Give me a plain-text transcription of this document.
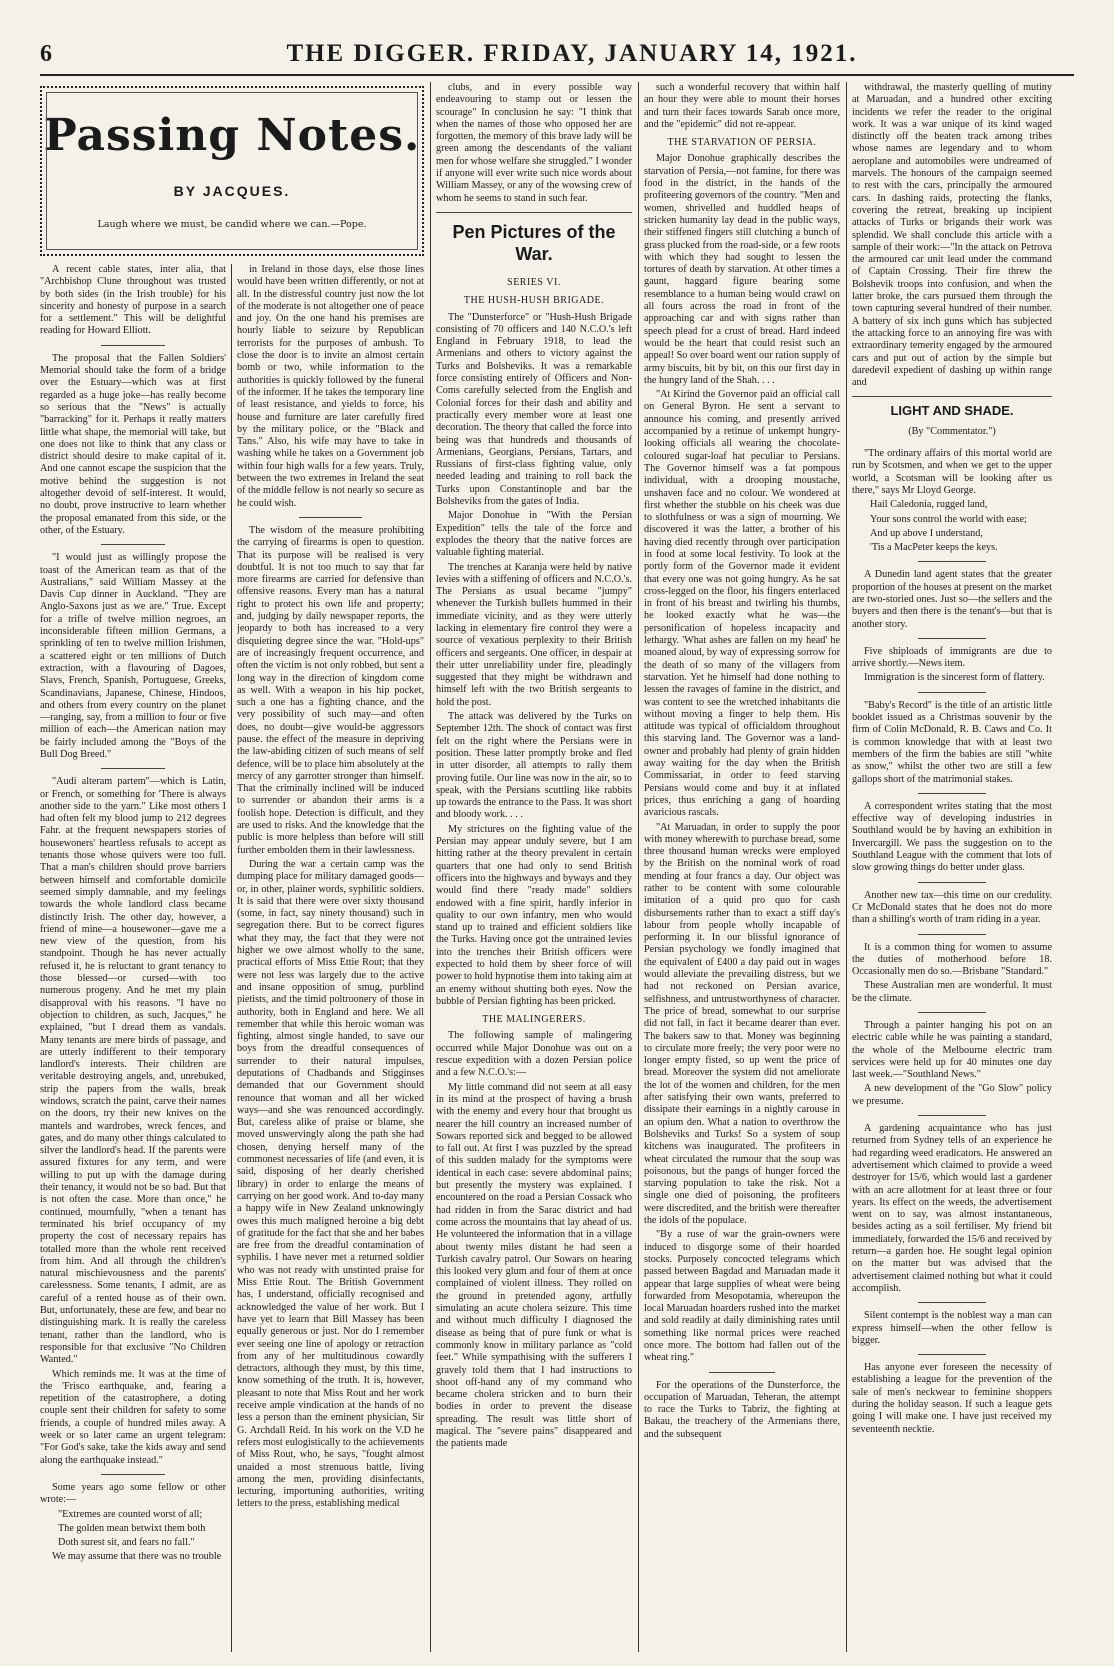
6	THE DIGGER. FRIDAY, JANUARY 14, 1921.
Passing Notes.
BY JACQUES.
Laugh where we must, be candid where we can.—Pope.

A recent cable states, inter alia, that "Archbishop Clune throughout was trusted by both sides (in the Irish trouble) for his sincerity and honesty of purpose in a search for a settlement." This will be delightful reading for Howard Elliott.

The proposal that the Fallen Soldiers' Memorial should take the form of a bridge over the Estuary—which was at first regarded as a huge joke—has really become so serious that the "News" is actually "barracking" for it. Perhaps it really matters little what shape, the memorial will take, but one does not like to think that any class or district should desire to make capital of it. And one cannot escape the suspicion that the motive behind the suggestion is not altogether devoid of self-interest. It would, no doubt, prove instructive to learn whether the proposal emanated from this side, or the other, of the Estuary.

"I would just as willingly propose the toast of the American team as that of the Australians," said William Massey at the Davis Cup dinner in Auckland. "They are Anglo-Saxons just as we are." True. Except for a trifle of twelve million negroes, an inconsiderable fifteen million Germans, a sprinkling of ten to twelve million Irishmen, a scattered eight or ten millions of Dutch extraction, with a flavouring of Dagoes, Slavs, French, Spanish, Portuguese, Greeks, Scandinavians, Japanese, Chinese, Hindoos, and others from every country on the planet—ranging, say, from a million to four or five million of each—the American nation may be fairly included among the "Boys of the Bull Dog Breed."

"Audi alteram partem"—which is Latin, or French, or something for 'There is always another side to the yarn." Like most others I had often felt my blood jump to 212 degrees Fahr. at the frequent newspapers stories of housewoners' heartless refusals to accept as tenants those whose quivers were too full. That a man's children should prove barriers between himself and comfortable domicile seemed simply damnable, and my feelings towards the whole landlord class became distinctly Irish. The other day, however, a friend of mine—a housewoner—gave me a new view of the question, from his standpoint. Though he has never actually refused it, he is reluctant to grant tenancy to those blessed—or cursed—with too numerous progeny. And he met my plain disapproval with his reasons. "I have no objection to children, as such, Jacques," he explained, "but I dread them as vandals. Many tenants are mere birds of passage, and are utterly indifferent to their temporary landlord's interests. Their children are veritable destroying angels, and, unrebuked, strip the papers from the walls, break windows, scratch the paint, carve their names on the doors, try their new knives on the mantels and wardrobes, wreck fences, and gates, and do many other things calculated to silver the landlord's head. If the parents were assured fixtures for any term, and were willing to put up with the damage during their tenancy, it would not be so bad. But that is not often the case. More than once," he continued, mournfully, "when a tenant has terminated his brief occupancy of my property the cost of necessary repairs has totalled more than the whole rent received from him. And all through the children's natural mischievousness and the parents' carelessness. Some tenants, I admit, are as careful of a rented house as of their own. But, unfortunately, these are few, and bear no distinguishing mark. It is really the careless tenant, rather than the landlord, who is responsible for that exclusive "No Children Wanted."

Which reminds me. It was at the time of the 'Frisco earthquake, and, fearing a repetition of the catastrophere, a doting couple sent their children for safety to some friends, a couple of hundred miles away. A week or so later came an urgent telegram: "For God's sake, take the kids away and send along the earthquake instead."

Some years ago some fellow or other wrote:—

"Extremes are counted worst of all;

The golden mean betwixt them both

Doth surest sit, and fears no fall."

We may assume that there was no trouble

in Ireland in those days, else those lines would have been written differently, or not at all. In the distressful country just now the lot of the moderate is not altogether one of peace and joy. On the one hand his premises are hourly liable to seizure by Republican terrorists for the purposes of ambush. To close the door is to invite an almost certain bomb or two, while information to the authorities is quickly followed by the funeral of the informer. If he takes the temporary line of least resistance, and yields to force, his house and furniture are later carefully fired by the military police, or the "Black and Tans." Also, his wife may have to take in washing while he takes on a Government job within four high walls for a few years. Truly, between the two extremes in Ireland the seat of the middle fellow is not nearly so secure as he could wish.

The wisdom of the measure prohibiting the carrying of firearms is open to question. That its purpose will be realised is very doubtful. It is not too much to say that far more firearms are carried for defensive than offensive reasons. Every man has a natural right to protect his own life and property; and, judging by daily newspaper reports, the jeopardy to both has increased to a very disquieting degree since the war. "Hold-ups" are of increasingly frequent occurrence, and often the victim is not only robbed, but sent a long way in the direction of kingdom come as well. With a weapon in his hip pocket, such a one has a fighting chance, and the very possibility of such may—and often does, no doubt—give would-be aggressors pause. the effect of the measure in depriving the law-abiding citizen of such means of self defence, will be to place him absolutely at the mercy of any garrotter stronger than himself. That the criminally inclined will be induced to surrender or abandon their arms is a foolish hope. Detection is difficult, and they are used to risks. And the knowledge that the public is more helpless than before will still further embolden them in their lawlessness.

During the war a certain camp was the dumping place for military damaged goods—or, in other, plainer words, syphilitic soldiers. It is said that there were over sixty thousand (some, in fact, say ninety thousand) such in segregation there. But to be correct figures what they may, the fact that they were not higher we owe almost wholly to the sane, practical efforts of Miss Ettie Rout; that they were not less was largely due to the active and insane opposition of smug, purblind pietists, and the timid poltroonery of those in authority, both in England and here. We all remember that while this heroic woman was fighting, almost single handed, to save our boys from the dreadful consequences of surrender to their natural impulses, deputations of Chadbands and Stigginses demanded that our Government should renounce that woman and all her wicked ways—and she was renounced accordingly. But, careless alike of praise or blame, she moved unswervingly along the path she had chosen, denying herself many of the commonest necessaries of life (and even, it is said, disposing of her dearly cherished library) in order to enlarge the means of carrying on her good work. And to-day many a happy wife in New Zealand unknowingly owes this much maligned heroine a big debt of gratitude for the fact that she and her babes are free from the dreadful contamination of syphilis. I have never met a returned soldier who was not ready with unstinted praise for Miss Ettie Rout. The British Government has, I understand, officially recognised and acknowledged the value of her work. But I have yet to learn that Bill Massey has been equally generous or just. Nor do I remember ever seeing one line of apology or retraction from any of her multitudinous cowardly detractors, although they must, by this time, know something of the truth. It is, however, pleasant to note that Miss Rout and her work receive ample vindication at the hands of no less a person than the eminent physician, Sir G. Archdall Reid. In his work on the V.D he refers most eulogistically to the achievements of Miss Rout, who, he says, "fought almost unaided a most strenuous battle, living among the men, providing disinfectants, lecturing, importuning authorities, writing letters to the press, establishing medical

clubs, and in every possible way endeavouring to stamp out or lessen the scourage" In conclusion he say: "I think that when the names of those who opposed her are forgotten, the memory of this brave lady will be green among the descendants of the valiant men for whose welfare she struggled." I wonder if anyone will ever write such nice words about William Massey, or any of the wowsing crew of whom he seems to stand in such fear.

Pen Pictures of the War.
SERIES VI.
THE HUSH-HUSH BRIGADE.

The "Dunsterforce" or "Hush-Hush Brigade consisting of 70 officers and 140 N.C.O.'s left England in February 1918, to lead the Armenians and others to victory against the Turks and Bolsheviks. It was a remarkable force consisting entirely of Officers and Non-Coms carefully selected from the English and Colonial forces for their dash and ability and practically every member wore at least one decoration. The theory that called the force into being was that hundreds and thousands of Armenians, Georgians, Persians, Tartars, and Russians of first-class fighting value, only needed leading and training to roll back the Turks upon Constantinople and bar the Bolsheviks from the gates of India.

Major Donohue in "With the Persian Expedition" tells the tale of the force and explodes the theory that the native forces are valuable fighting material.

The trenches at Karanja were held by native levies with a stiffening of officers and N.C.O.'s. The Persians as usual became "jumpy" whenever the Turkish bullets hummed in their immediate vicinity, and as they were utterly lacking in elementary fire control they were a source of vexatious perplexity to their British officers and sergeants. One officer, in despair at their utter unreliability under fire, pleadingly suggested that they might be withdrawn and himself left with the two British sergeants to hold the post.

The attack was delivered by the Turks on September 12th. The shock of contact was first felt on the right where the Persians were in position. These latter promptly broke and fled in utter disorder, all attempts to rally them proving futile. Our line was now in the air, so to speak, with the Persians scuttling like rabbits up towards the entrance to the Pass. It was short and bloody work. . . .

My strictures on the fighting value of the Persian may appear unduly severe, but I am hitting rather at the theory prevalent in certain quarters that one had only to send British officers into the highways and byways and they would find there "ready made" soldiers endowed with a fine spirit, hardly inferior in quality to our own infantry, men who would stand up to trained and efficient soldiers like the Turks. Having once got the untrained levies into the trenches their British officers were expected to hold them by sheer force of will power to hold hypnotise them into taking aim at an enemy without shutting both eyes. Now the bubble of Persian fighting has been pricked.

THE MALINGERERS.

The following sample of malingering occurred while Major Donohue was out on a rescue expedition with a dozen Persian police and a few N.C.O.'s:—

My little command did not seem at all easy in its mind at the prospect of having a brush with the enemy and every hour that brought us nearer the hill country an increased number of Sowars reported sick and begged to be allowed to fall out. At first I was puzzled by the spread of this sudden malady for the symptoms were identical in each case: severe abdominal pains; but presently the mystery was explained. I encountered on the road a Persian Cossack who had ridden in from the Sarac district and had come across the mountains that lay ahead of us. He volunteered the information that in a village about twenty miles distant he had seen a Turkish cavalry patrol. Our Sowars on hearing this looked very glum and four of them at once complained of violent illness. They rolled on the ground in pretended agony, artfully simulating an acute cholera seizure. This time and without much difficulty I diagnosed the disease as being that of pure funk or what is commonly know in military parlance as "cold feet." While sympathising with the sufferers I gravely told them that I had instructions to shoot off-hand any of my command who became cholera stricken and to burn their bodies in order to prevent the disease spreading. The result was little short of magical. The "severe pains" disappeared and the patients made

such a wonderful recovery that within half an hour they were able to mount their horses and turn their faces towards Sarab once more, and the "epidemic" did not re-appear.

THE STARVATION OF PERSIA.

Major Donohue graphically describes the starvation of Persia,—not famine, for there was food in the district, in the hands of the profiteering governors of the country. "Men and women, shrivelled and huddled heaps of stricken humanity lay dead in the public ways, their stiffened fingers still clutching a bunch of grass plucked from the road-side, or a few roots with which they had sought to lessen the tortures of death by starvation. At other times a gaunt, haggard figure bearing some resemblance to a human being would crawl on all fours across the road in front of the approaching car and with signs rather than speech plead for a crust of bread. Hard indeed would be the heart that could resist such an appeal! So over board went our ration supply of army biscuits, bit by bit, on this our first day in the hungry land of the Shah. . . .

"At Kirind the Governor paid an official call on General Byron. He sent a servant to announce his coming, and presently arrived accompanied by a retinue of unkempt hungry-looking officials all wearing the chocolate-coloured sugar-loaf hat peculiar to Persians. The Governor himself was a fat pompous individual, with a drooping moustache, unshaven face and no colour. We wondered at first whether the stubble on his cheek was due to slothfulness or was a sign of mourning. We discovered it was the latter, a brother of his having died recently through over participation in food at some local festivity. To look at the portly form of the Governor made it evident that every one was not going hungry. As he sat cross-legged on the floor, his fingers enterlaced in front of his breast and twirling his thumbs, he looked exactly what he was—the personification of hopeless incapacity and lethargy. 'What ashes are fallen on my head' he moaned aloud, by way of expressing sorrow for the death of so many of the villagers from starvation. Yet he himself had done nothing to lessen the ravages of famine in the district, and was content to see the wretched inhabitants die without moving a finger to help them. His attitude was typical of officialdom throughout this starving land. The Governor was a land-owner and probably had plenty of grain hidden away waiting for the day when the British Commissariat, in order to feed starving Persians would come and buy it at inflated prices, thus enriching a gang of hoarding avaricious rascals.

"At Maruadan, in order to supply the poor with money wherewith to purchase bread, some three thousand human wrecks were employed by the British on the nominal work of road mending at four francs a day. Our object was rather to be content with some colourable imitation of a quid pro quo for cash disbursements rather than to exact a stiff day's labour from people wholly incapable of performing it. In our blissful ignorance of Persian psychology we fondly imagined that the equivalent of £400 a day paid out in wages would alleviate the prevailing distress, but we had not reckoned on Persian avarice, selfishness, and untrustworthyness of character. The price of bread, somewhat to our surprise did not fall, in fact it became dearer than ever. The bakers saw to that. Money was beginning to circulate more freely; the very poor were no longer empty fisted, so up went the price of bread. Moreover the system did not ameliorate the lot of the women and children, for the men after satisfying their own wants, preferred to dissipate their earnings in a nightly carouse in an opium den. What a nation to overthrow the Bolsheviks and Turks! So a system of soup kitchens was inaugurated. The profiteers in wheat circulated the rumour that the soup was poisonous, but the pangs of hunger forced the starving population to take the risk. Not a single one died of poisoning, the profiteers were discredited, and the british were thereafter the idols of the populace.

"By a ruse of war the grain-owners were induced to disgorge some of their hoarded stocks. Purposely concocted telegrams which passed between Bagdad and Maruadan made it appear that large supplies of wheat were being forwarded from Mesopotamia, whereupon the local Maruadan hoarders rushed into the market and sold readily at daily diminishing rates until something like normal prices were reached once more. The bottom had fallen out of the wheat ring."

For the operations of the Dunsterforce, the occupation of Maruadan, Teheran, the attempt to race the Turks to Tabriz, the fighting at Bakau, the treachery of the Armenians there, and the subsequent

withdrawal, the masterly quelling of mutiny at Maruadan, and a hundred other exciting incidents we refer the reader to the original work. It was a war unique of its kind waged distinctly off the beaten track among tribes whose names are legendary and to whom aeroplane and automobiles were undreamed of marvels. The honours of the campaign seemed to rest with the cars, principally the armoured cars. In dashing raids, protecting the flanks, covering the retreat, breaking up incipient attacks of Turks or brigands their work was splendid. We shall conclude this article with a sample of their work:—"In the attack on Petrova the armoured car unit lead under the command of Captain Crossing. Their fire threw the Bolshevik troops into confusion, and when the latter broke, the cars pursued them through the town capturing several hundred of their number. A battery of six inch guns which has subjected the attacking force to an annoying fire was with extraordinary temerity engaged by the armoured cars and put out of action by the simple but daredevil expedient of dashing up within range and

LIGHT AND SHADE.
(By "Commentator.")

"The ordinary affairs of this mortal world are run by Scotsmen, and when we get to the upper world, a Scotsman will be looking after us there," says Mr Lloyd George.

Hail Caledonia, rugged land,

Your sons control the world with ease;

And up above I understand,

'Tis a MacPeter keeps the keys.

A Dunedin land agent states that the greater proportion of the houses at present on the market are two-storied ones. Just so—the sellers and the buyers and then there is the tenant's—but that is another story.

Five shiploads of immigrants are due to arrive shortly.—News item.

Immigration is the sincerest form of flattery.

"Baby's Record" is the title of an artistic little booklet issued as a Christmas souvenir by the firm of Colin McDonald, R. B. Caws and Co. It is common knowledge that with at least two members of the firm the babies are still "white as snow," whilst the other two are still a few gallops short of the matrimonial stakes.

A correspondent writes stating that the most effective way of developing industries in Southland would be by having an exhibition in Invercargill. We pass the suggestion on to the Southland League with the comment that lots of slow growing things do better under glass.

Another new tax—this time on our credulity. Cr McDonald states that he does not do more than a shilling's worth of tram riding in a year.

It is a common thing for women to assume the duties of motherhood before 18. Occasionally men do so.—Brisbane "Standard."

These Australian men are wonderful. It must be the climate.

Through a painter hanging his pot on an electric cable while he was painting a standard, the whole of the Melbourne electric tram services were held up for 40 minutes one day last week.—"Southland News."

A new development of the "Go Slow" policy we presume.

A gardening acquaintance who has just returned from Sydney tells of an experience he had regarding weed eradicators. He answered an advertisement which claimed to provide a weed destroyer for 15/6, which would last a gardener with an acre allotment for at least three or four years. Its effect on the weeds, the advertisement went on to say, was almost instantaneous, besides acting as a soil fertiliser. My friend bit immediately, forwarded the 15/6 and received by return—a garden hoe. He sought legal opinion on the matter but was advised that the advertisement claimed nothing but what it could accomplish.

Silent contempt is the noblest way a man can express himself—when the other fellow is bigger.

Has anyone ever foreseen the necessity of establishing a league for the prevention of the sale of men's neckwear to feminine shoppers during the holiday season. If such a league gets going I will make one. I have just received my seventeenth necktie.
